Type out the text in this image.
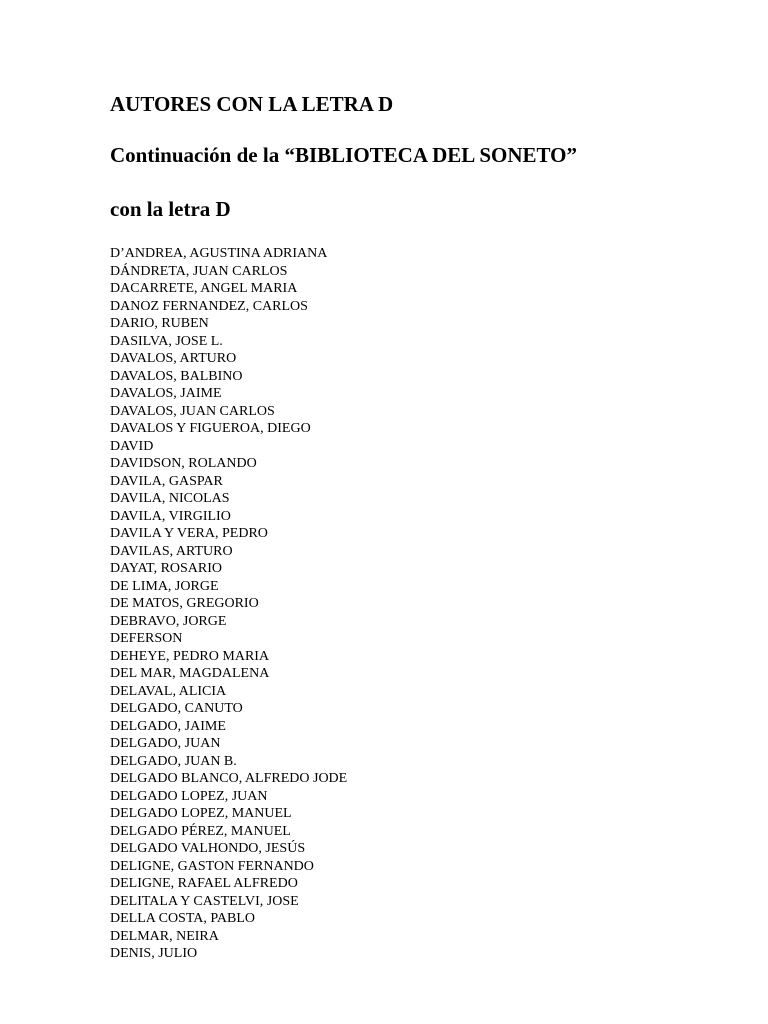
AUTORES CON LA LETRA D
Continuación de la “BIBLIOTECA DEL SONETO”
con la letra D
D’ANDREA, AGUSTINA ADRIANA
DÁNDRETA, JUAN CARLOS
DACARRETE, ANGEL MARIA
DANOZ FERNANDEZ, CARLOS
DARIO, RUBEN
DASILVA, JOSE L.
DAVALOS, ARTURO
DAVALOS, BALBINO
DAVALOS, JAIME
DAVALOS, JUAN CARLOS
DAVALOS Y FIGUEROA, DIEGO
DAVID
DAVIDSON, ROLANDO
DAVILA, GASPAR
DAVILA, NICOLAS
DAVILA, VIRGILIO
DAVILA Y VERA, PEDRO
DAVILAS, ARTURO
DAYAT, ROSARIO
DE LIMA, JORGE
DE MATOS, GREGORIO
DEBRAVO, JORGE
DEFERSON
DEHEYE, PEDRO MARIA
DEL MAR, MAGDALENA
DELAVAL, ALICIA
DELGADO, CANUTO
DELGADO, JAIME
DELGADO, JUAN
DELGADO, JUAN B.
DELGADO BLANCO, ALFREDO JODE
DELGADO LOPEZ, JUAN
DELGADO LOPEZ, MANUEL
DELGADO PÉREZ, MANUEL
DELGADO VALHONDO, JESÚS
DELIGNE, GASTON FERNANDO
DELIGNE, RAFAEL ALFREDO
DELITALA Y CASTELVI, JOSE
DELLA COSTA, PABLO
DELMAR, NEIRA
DENIS, JULIO
